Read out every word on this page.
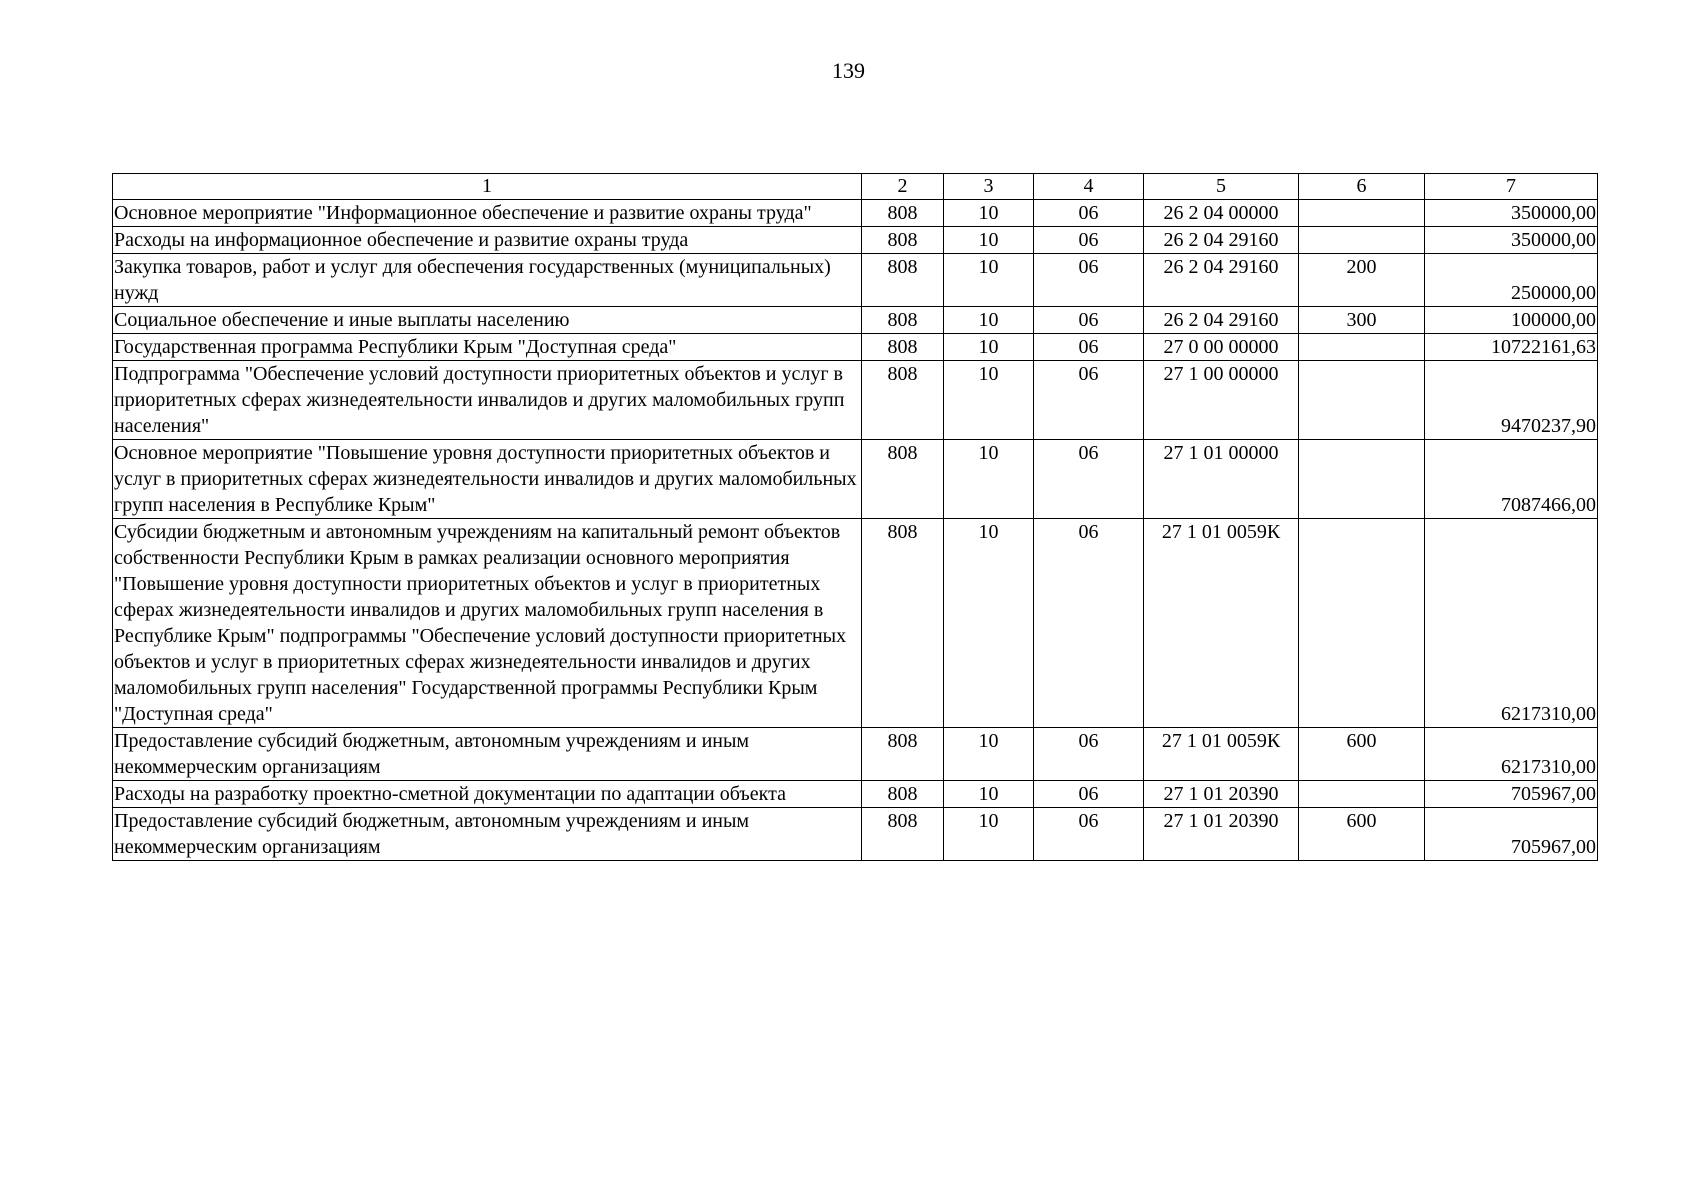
139
1	2	3	4	5	6	7
Основное мероприятие "Информационное обеспечение и развитие охраны труда"	808	10	06	26 2 04 00000		350000,00
Расходы на информационное обеспечение и развитие охраны труда	808	10	06	26 2 04 29160		350000,00
Закупка товаров, работ и услуг для обеспечения государственных (муниципальных) нужд	808	10	06	26 2 04 29160	200	250000,00
Социальное обеспечение и иные выплаты населению	808	10	06	26 2 04 29160	300	100000,00
Государственная программа Республики Крым "Доступная среда"	808	10	06	27 0 00 00000		10722161,63
Подпрограмма "Обеспечение условий доступности приоритетных объектов и услуг в приоритетных сферах жизнедеятельности инвалидов и других маломобильных групп населения"	808	10	06	27 1 00 00000		9470237,90
Основное мероприятие "Повышение уровня доступности приоритетных объектов и услуг в приоритетных сферах жизнедеятельности инвалидов и других маломобильных групп населения в Республике Крым"	808	10	06	27 1 01 00000		7087466,00
Субсидии бюджетным и автономным учреждениям на капитальный ремонт объектов собственности Республики Крым в рамках реализации основного мероприятия "Повышение уровня доступности приоритетных объектов и услуг в приоритетных сферах жизнедеятельности инвалидов и других маломобильных групп населения в Республике Крым" подпрограммы "Обеспечение условий доступности приоритетных объектов и услуг в приоритетных сферах жизнедеятельности инвалидов и других маломобильных групп населения" Государственной программы Республики Крым "Доступная среда"	808	10	06	27 1 01 0059К		6217310,00
Предоставление субсидий бюджетным, автономным учреждениям и иным некоммерческим организациям	808	10	06	27 1 01 0059К	600	6217310,00
Расходы на разработку проектно-сметной документации по адаптации объекта	808	10	06	27 1 01 20390		705967,00
Предоставление субсидий бюджетным, автономным учреждениям и иным некоммерческим организациям	808	10	06	27 1 01 20390	600	705967,00
